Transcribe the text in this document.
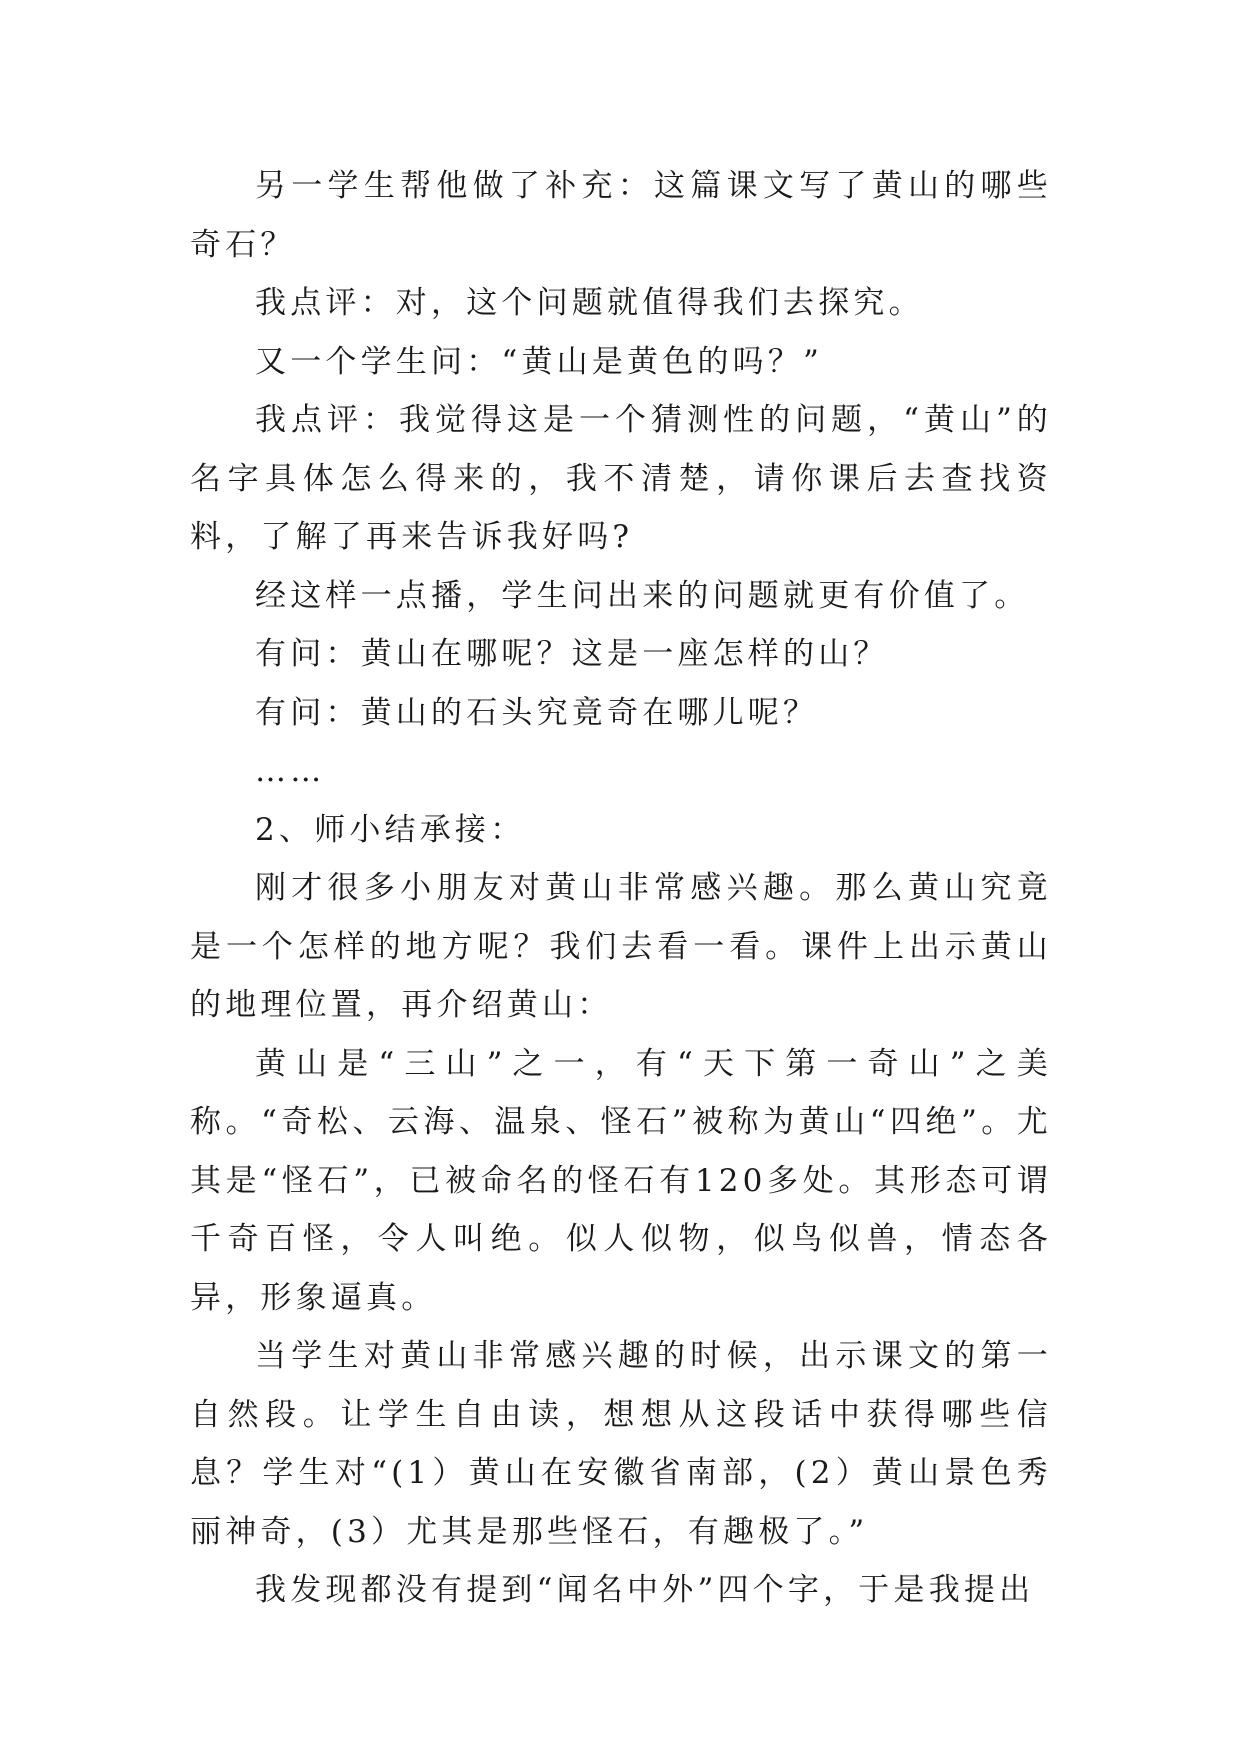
另一学生帮他做了补充：这篇课文写了黄山的哪些奇石？

我点评：对，这个问题就值得我们去探究。

又一个学生问：“黄山是黄色的吗？”

我点评：我觉得这是一个猜测性的问题，“黄山”的名字具体怎么得来的，我不清楚，请你课后去查找资料，了解了再来告诉我好吗?

经这样一点播，学生问出来的问题就更有价值了。

有问：黄山在哪呢？这是一座怎样的山？

有问：黄山的石头究竟奇在哪儿呢？

……

2、师小结承接：

刚才很多小朋友对黄山非常感兴趣。那么黄山究竟是一个怎样的地方呢？我们去看一看。课件上出示黄山的地理位置，再介绍黄山：

黄山是“三山”之一，有“天下第一奇山”之美称。“奇松、云海、温泉、怪石”被称为黄山“四绝”。尤其是“怪石”，已被命名的怪石有120多处。其形态可谓千奇百怪，令人叫绝。似人似物，似鸟似兽，情态各异，形象逼真。

当学生对黄山非常感兴趣的时候，出示课文的第一自然段。让学生自由读，想想从这段话中获得哪些信息？学生对“(1）黄山在安徽省南部，(2）黄山景色秀丽神奇，(3）尤其是那些怪石，有趣极了。”

我发现都没有提到“闻名中外”四个字，于是我提出
